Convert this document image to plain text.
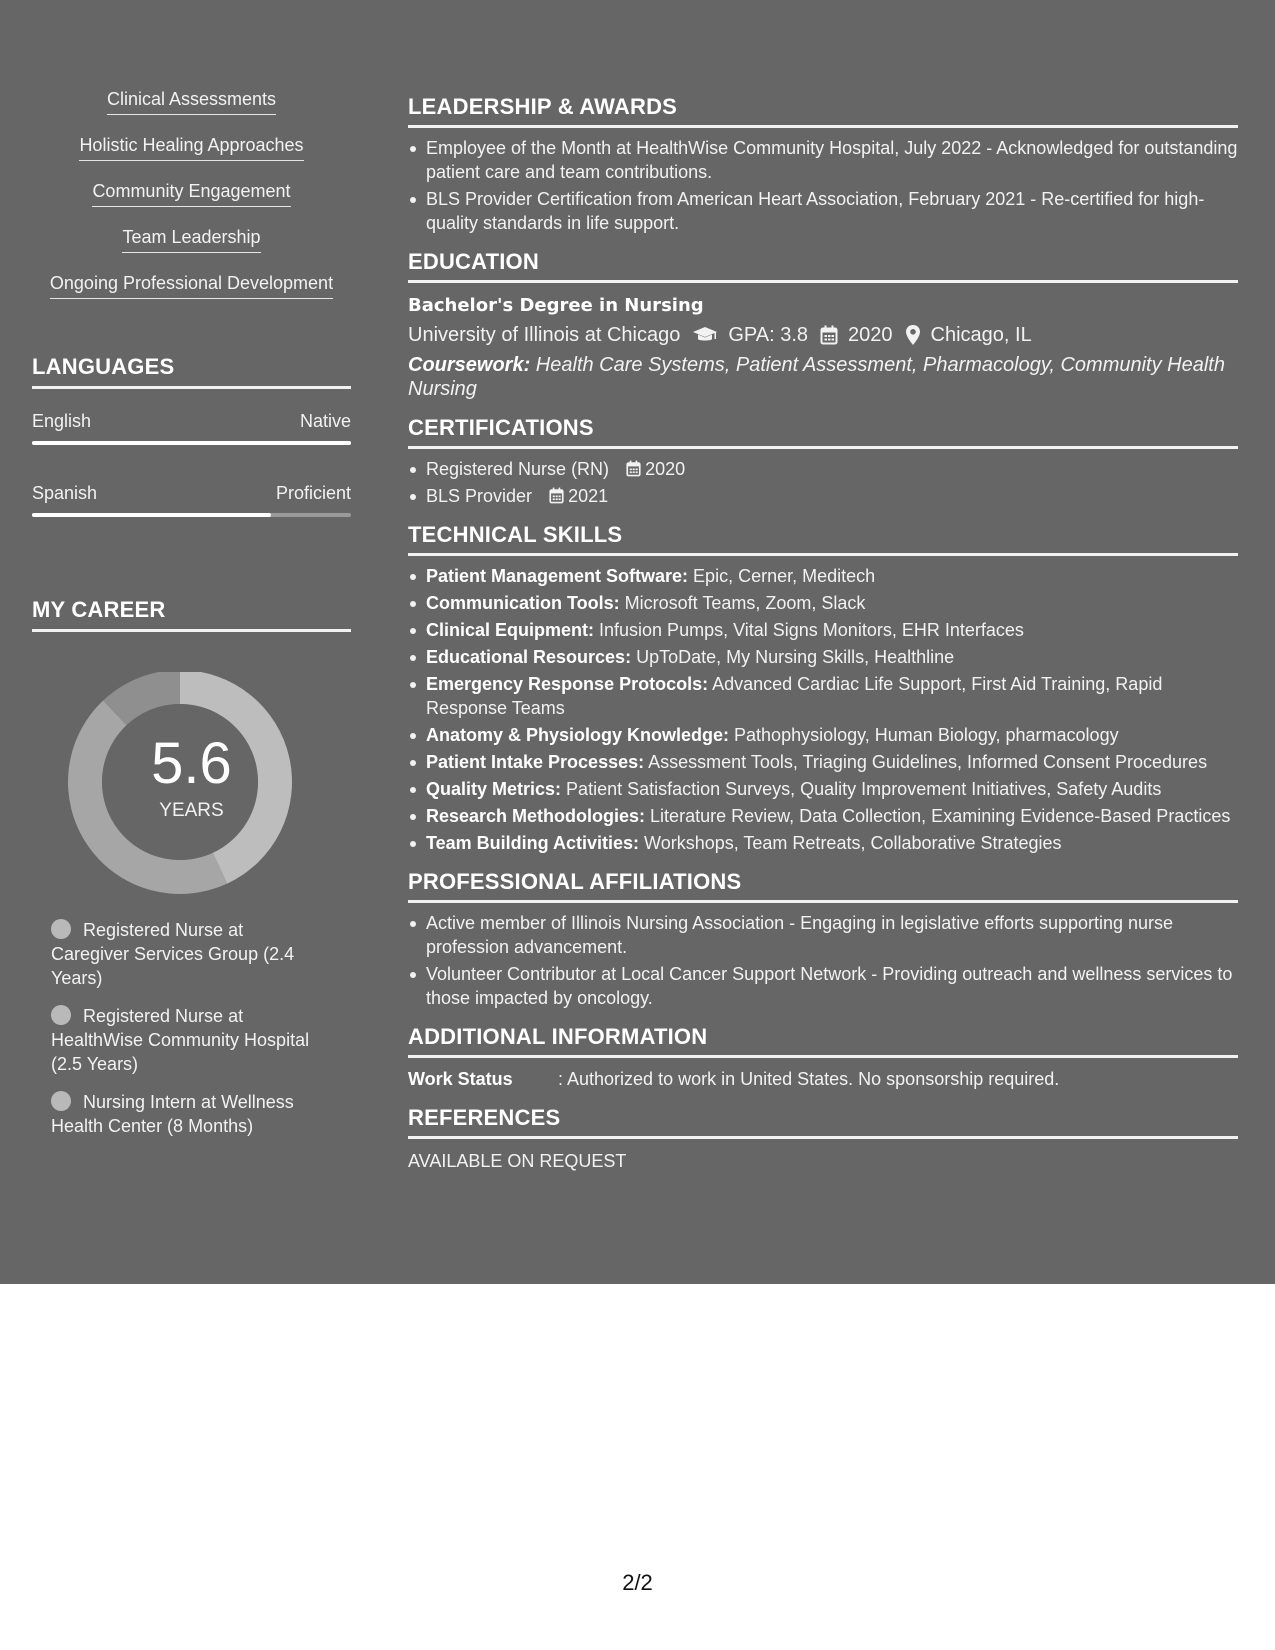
Clinical Assessments
Holistic Healing Approaches
Community Engagement
Team Leadership
Ongoing Professional Development
LANGUAGES
English	Native
Spanish	Proficient
MY CAREER
5.6
YEARS
Registered Nurse at Caregiver Services Group (2.4 Years)
Registered Nurse at HealthWise Community Hospital (2.5 Years)
Nursing Intern at Wellness Health Center (8 Months)
LEADERSHIP & AWARDS
Employee of the Month at HealthWise Community Hospital, July 2022 - Acknowledged for outstanding patient care and team contributions.
BLS Provider Certification from American Heart Association, February 2021 - Re-certified for high-quality standards in life support.
EDUCATION
Bachelor's Degree in Nursing
University of Illinois at Chicago GPA: 3.8 2020 Chicago, IL
Coursework: Health Care Systems, Patient Assessment, Pharmacology, Community Health Nursing
CERTIFICATIONS
Registered Nurse (RN) 2020
BLS Provider 2021
TECHNICAL SKILLS
Patient Management Software: Epic, Cerner, Meditech
Communication Tools: Microsoft Teams, Zoom, Slack
Clinical Equipment: Infusion Pumps, Vital Signs Monitors, EHR Interfaces
Educational Resources: UpToDate, My Nursing Skills, Healthline
Emergency Response Protocols: Advanced Cardiac Life Support, First Aid Training, Rapid Response Teams
Anatomy & Physiology Knowledge: Pathophysiology, Human Biology, pharmacology
Patient Intake Processes: Assessment Tools, Triaging Guidelines, Informed Consent Procedures
Quality Metrics: Patient Satisfaction Surveys, Quality Improvement Initiatives, Safety Audits
Research Methodologies: Literature Review, Data Collection, Examining Evidence-Based Practices
Team Building Activities: Workshops, Team Retreats, Collaborative Strategies
PROFESSIONAL AFFILIATIONS
Active member of Illinois Nursing Association - Engaging in legislative efforts supporting nurse profession advancement.
Volunteer Contributor at Local Cancer Support Network - Providing outreach and wellness services to those impacted by oncology.
ADDITIONAL INFORMATION
Work Status	: Authorized to work in United States. No sponsorship required.
REFERENCES
AVAILABLE ON REQUEST
2/2
